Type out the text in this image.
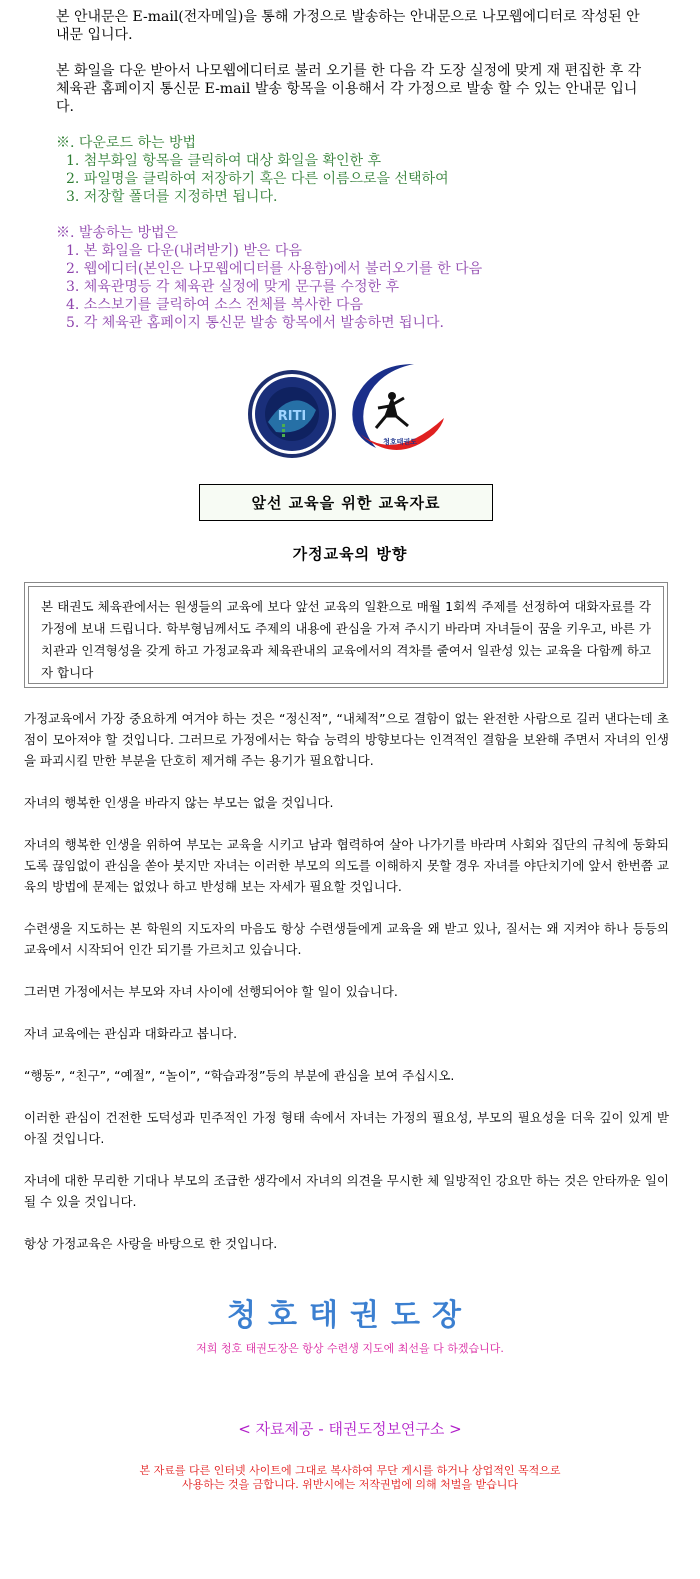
본 안내문은 E-mail(전자메일)을 통해 가정으로 발송하는 안내문으로 나모웹에디터로 작성된 안내문 입니다.

본 화일을 다운 받아서 나모웹에디터로 불러 오기를 한 다음 각 도장 실정에 맞게 재 편집한 후 각 체육관 홈페이지 통신문 E-mail 발송 항목을 이용해서 각 가정으로 발송 할 수 있는 안내문 입니다.

※. 다운로드 하는 방법

1. 첨부화일 항목을 클릭하여 대상 화일을 확인한 후

2. 파일명을 클릭하여 저장하기 혹은 다른 이름으로을 선택하여

3. 저장할 폴더를 지정하면 됩니다.

※. 발송하는 방법은

1. 본 화일을 다운(내려받기) 받은 다음

2. 웹에디터(본인은 나모웹에디터를 사용함)에서 불러오기를 한 다음

3. 체육관명등 각 체육관 실정에 맞게 문구를 수정한 후

4. 소스보기를 클릭하여 소스 전체를 복사한 다음

5. 각 체육관 홈페이지 통신문 발송 항목에서 발송하면 됩니다.

RITI
청호태권도
앞선 교육을 위한 교육자료
가정교육의 방향
본 태권도 체육관에서는 원생들의 교육에 보다 앞선 교육의 일환으로 매월 1회씩 주제를 선정하여 대화자료를 각 가정에 보내 드립니다. 학부형님께서도 주제의 내용에 관심을 가져 주시기 바라며 자녀들이 꿈을 키우고, 바른 가치관과 인격형성을 갖게 하고 가정교육과 체육관내의 교육에서의 격차를 줄여서 일관성 있는 교육을 다함께 하고자 합니다

가정교육에서 가장 중요하게 여겨야 하는 것은 “정신적”, “내체적”으로 결함이 없는 완전한 사람으로 길러 낸다는데 초점이 모아져야 할 것입니다. 그러므로 가정에서는 학습 능력의 방향보다는 인격적인 결함을 보완해 주면서 자녀의 인생을 파괴시킬 만한 부분을 단호히 제거해 주는 용기가 필요합니다.

자녀의 행복한 인생을 바라지 않는 부모는 없을 것입니다.

자녀의 행복한 인생을 위하여 부모는 교육을 시키고 남과 협력하여 살아 나가기를 바라며 사회와 집단의 규칙에 동화되도록 끊임없이 관심을 쏟아 붓지만 자녀는 이러한 부모의 의도를 이해하지 못할 경우 자녀를 야단치기에 앞서 한번쯤 교육의 방법에 문제는 없었나 하고 반성해 보는 자세가 필요할 것입니다.

수련생을 지도하는 본 학원의 지도자의 마음도 항상 수련생들에게 교육을 왜 받고 있나, 질서는 왜 지켜야 하나 등등의 교육에서 시작되어 인간 되기를 가르치고 있습니다.

그러면 가정에서는 부모와 자녀 사이에 선행되어야 할 일이 있습니다.

자녀 교육에는 관심과 대화라고 봅니다.

“행동”, “친구”, “예절”, “놀이”, “학습과정”등의 부분에 관심을 보여 주십시오.

이러한 관심이 건전한 도덕성과 민주적인 가정 형태 속에서 자녀는 가정의 필요성, 부모의 필요성을 더욱 깊이 있게 받아질 것입니다.

자녀에 대한 무리한 기대나 부모의 조급한 생각에서 자녀의 의견을 무시한 체 일방적인 강요만 하는 것은 안타까운 일이 될 수 있을 것입니다.

항상 가정교육은 사랑을 바탕으로 한 것입니다.

청호태권도장
저희 청호 태권도장은 항상 수련생 지도에 최선을 다 하겠습니다.
< 자료제공 - 태권도정보연구소 >
본 자료를 다른 인터넷 사이트에 그대로 복사하여 무단 게시를 하거나 상업적인 목적으로
사용하는 것을 금합니다. 위반시에는 저작권법에 의해 처벌을 받습니다
